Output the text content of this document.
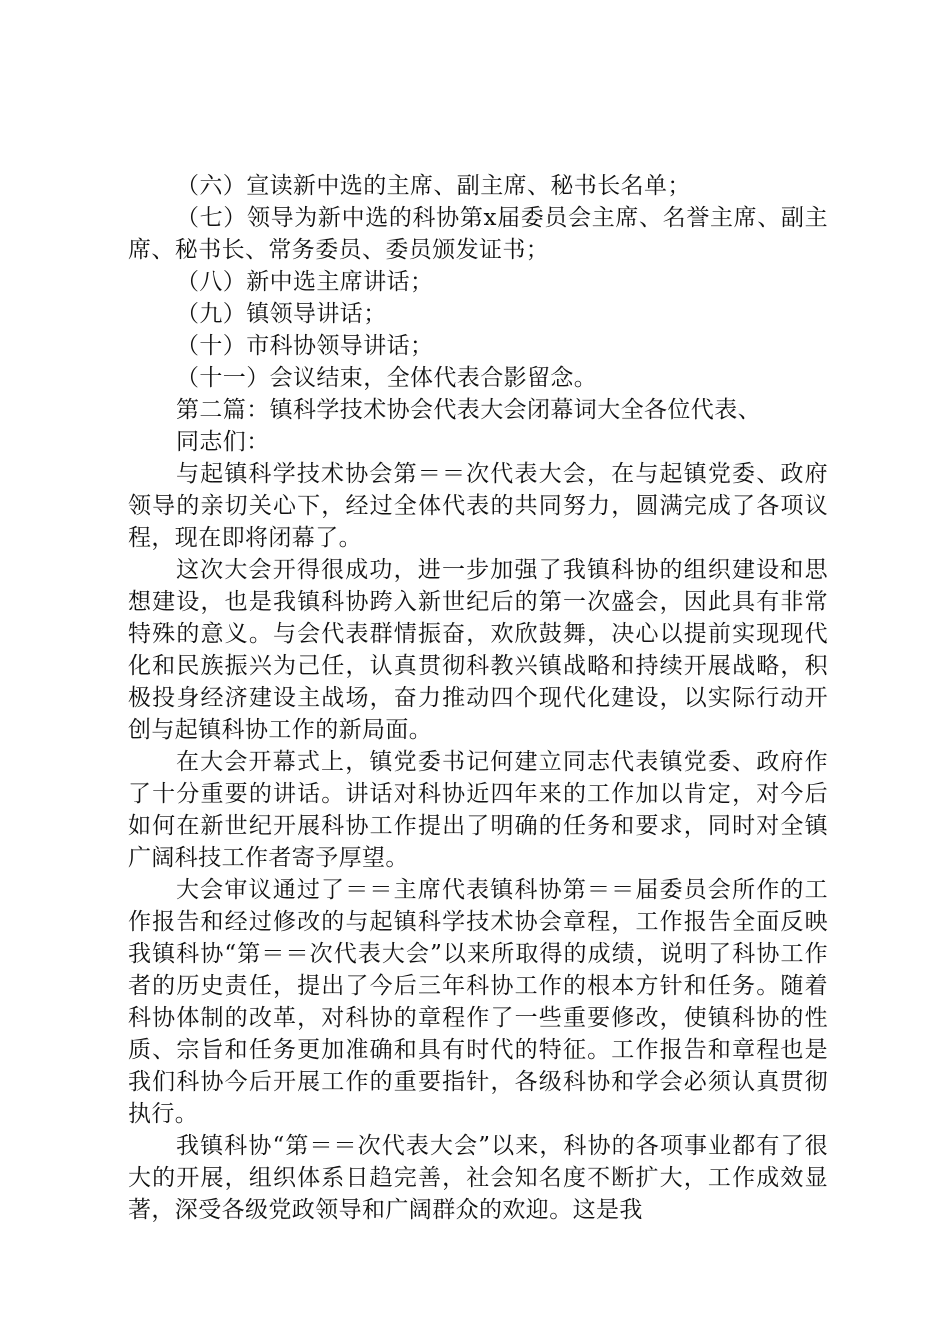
（六）宣读新中选的主席、副主席、秘书长名单；

（七）领导为新中选的科协第x届委员会主席、名誉主席、副主席、秘书长、常务委员、委员颁发证书；

（八）新中选主席讲话；

（九）镇领导讲话；

（十）市科协领导讲话；

（十一）会议结束，全体代表合影留念。

第二篇：镇科学技术协会代表大会闭幕词大全各位代表、

同志们：

与起镇科学技术协会第＝＝次代表大会，在与起镇党委、政府领导的亲切关心下，经过全体代表的共同努力，圆满完成了各项议程，现在即将闭幕了。

这次大会开得很成功，进一步加强了我镇科协的组织建设和思想建设，也是我镇科协跨入新世纪后的第一次盛会，因此具有非常特殊的意义。与会代表群情振奋，欢欣鼓舞，决心以提前实现现代化和民族振兴为己任，认真贯彻科教兴镇战略和持续开展战略，积极投身经济建设主战场，奋力推动四个现代化建设，以实际行动开创与起镇科协工作的新局面。

在大会开幕式上，镇党委书记何建立同志代表镇党委、政府作了十分重要的讲话。讲话对科协近四年来的工作加以肯定，对今后如何在新世纪开展科协工作提出了明确的任务和要求，同时对全镇广阔科技工作者寄予厚望。

大会审议通过了＝＝主席代表镇科协第＝＝届委员会所作的工作报告和经过修改的与起镇科学技术协会章程，工作报告全面反映我镇科协“第＝＝次代表大会”以来所取得的成绩，说明了科协工作者的历史责任，提出了今后三年科协工作的根本方针和任务。随着科协体制的改革，对科协的章程作了一些重要修改，使镇科协的性质、宗旨和任务更加准确和具有时代的特征。工作报告和章程也是我们科协今后开展工作的重要指针，各级科协和学会必须认真贯彻执行。

我镇科协“第＝＝次代表大会”以来，科协的各项事业都有了很大的开展，组织体系日趋完善，社会知名度不断扩大，工作成效显著，深受各级党政领导和广阔群众的欢迎。这是我
